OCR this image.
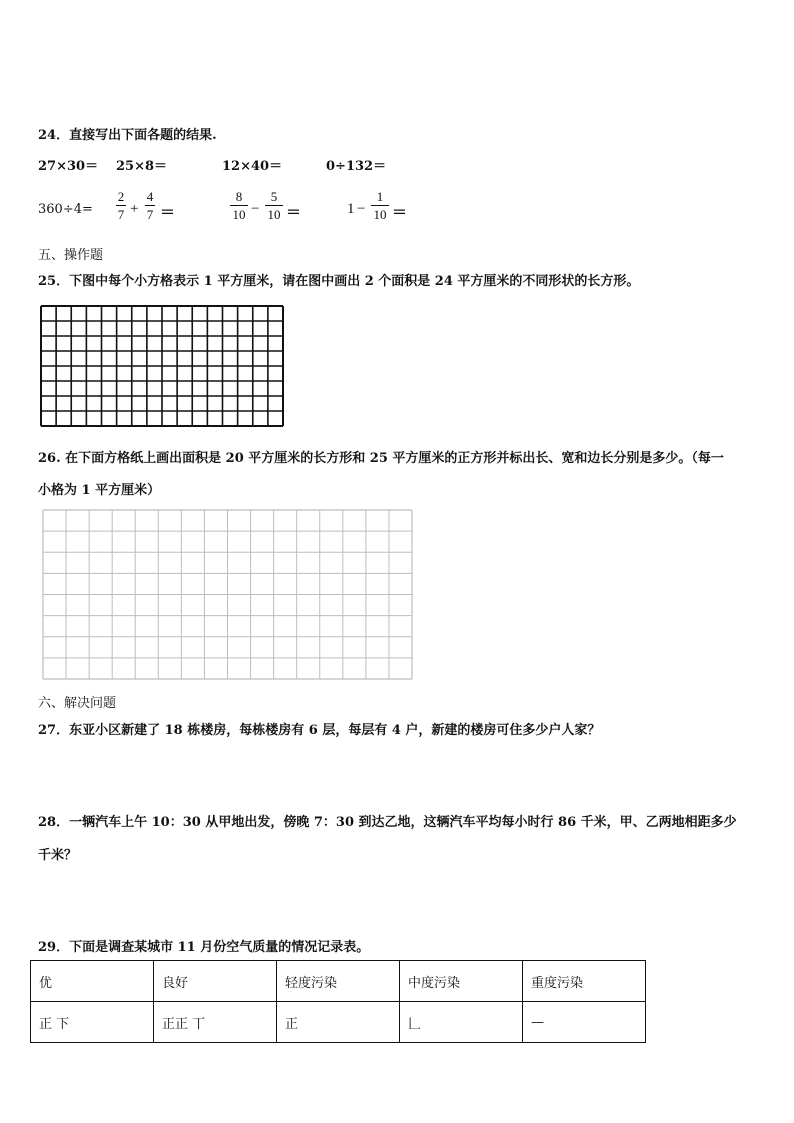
24．直接写出下面各题的结果.
27×30＝ 25×8＝	12×40＝	0÷132＝
360÷4=
2
7 +
4
7 ＝
8
10 −
5
10 ＝	1 −
1
10 ＝
五、操作题
25．下图中每个小方格表示 1 平方厘米，请在图中画出 2 个面积是 24 平方厘米的不同形状的长方形。
26. 在下面方格纸上画出面积是 20 平方厘米的长方形和 25 平方厘米的正方形并标出长、宽和边长分别是多少。（每一
小格为 1 平方厘米）
六、解决问题
27．东亚小区新建了 18 栋楼房，每栋楼房有 6 层，每层有 4 户，新建的楼房可住多少户人家？
28．一辆汽车上午 10：30 从甲地出发，傍晚 7：30 到达乙地，这辆汽车平均每小时行 86 千米，甲、乙两地相距多少
千米？
29．下面是调查某城市 11 月份空气质量的情况记录表。
优	良好	轻度污染	中度污染	重度污染
正 下	正正 丅	正	𠃊	—
